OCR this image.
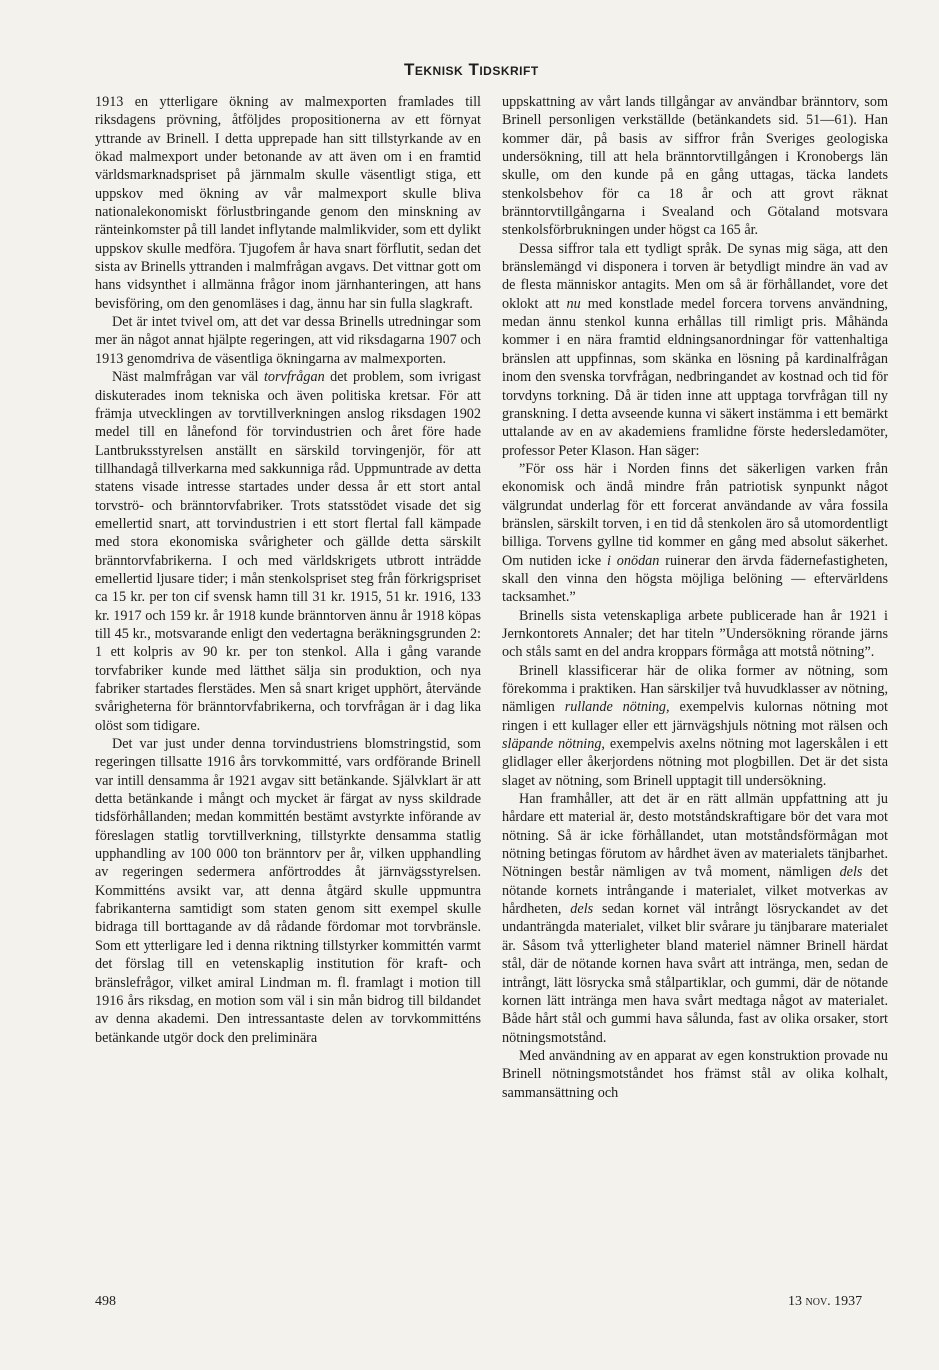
Teknisk Tidskrift

1913 en ytterligare ökning av malmexporten framlades till riksdagens prövning, åtföljdes propositionerna av ett förnyat yttrande av Brinell. I detta upprepade han sitt tillstyrkande av en ökad malmexport under betonande av att även om i en framtid världsmarknadspriset på järnmalm skulle väsentligt stiga, ett uppskov med ökning av vår malmexport skulle bliva nationalekonomiskt förlustbringande genom den minskning av ränteinkomster på till landet inflytande malmlikvider, som ett dylikt uppskov skulle medföra. Tjugofem år hava snart förflutit, sedan det sista av Brinells yttranden i malmfrågan avgavs. Det vittnar gott om hans vidsynthet i allmänna frågor inom järnhanteringen, att hans bevisföring, om den genomläses i dag, ännu har sin fulla slagkraft.

Det är intet tvivel om, att det var dessa Brinells utredningar som mer än något annat hjälpte regeringen, att vid riksdagarna 1907 och 1913 genomdriva de väsentliga ökningarna av malmexporten.

Näst malmfrågan var väl torvfrågan det problem, som ivrigast diskuterades inom tekniska och även politiska kretsar. För att främja utvecklingen av torvtillverkningen anslog riksdagen 1902 medel till en lånefond för torvindustrien och året före hade Lantbruksstyrelsen anställt en särskild torvingenjör, för att tillhandagå tillverkarna med sakkunniga råd. Uppmuntrade av detta statens visade intresse startades under dessa år ett stort antal torvströ- och bränntorvfabriker. Trots statsstödet visade det sig emellertid snart, att torvindustrien i ett stort flertal fall kämpade med stora ekonomiska svårigheter och gällde detta särskilt bränntorvfabrikerna. I och med världskrigets utbrott inträdde emellertid ljusare tider; i mån stenkolspriset steg från förkrigspriset ca 15 kr. per ton cif svensk hamn till 31 kr. 1915, 51 kr. 1916, 133 kr. 1917 och 159 kr. år 1918 kunde bränntorven ännu år 1918 köpas till 45 kr., motsvarande enligt den vedertagna beräkningsgrunden 2: 1 ett kolpris av 90 kr. per ton stenkol. Alla i gång varande torvfabriker kunde med lätthet sälja sin produktion, och nya fabriker startades flerstädes. Men så snart kriget upphört, återvände svårigheterna för bränntorvfabrikerna, och torvfrågan är i dag lika olöst som tidigare.

Det var just under denna torvindustriens blomstringstid, som regeringen tillsatte 1916 års torvkommitté, vars ordförande Brinell var intill densamma år 1921 avgav sitt betänkande. Självklart är att detta betänkande i mångt och mycket är färgat av nyss skildrade tidsförhållanden; medan kommittén bestämt avstyrkte införande av föreslagen statlig torvtillverkning, tillstyrkte densamma statlig upphandling av 100 000 ton bränntorv per år, vilken upphandling av regeringen sedermera anförtroddes åt järnvägsstyrelsen. Kommitténs avsikt var, att denna åtgärd skulle uppmuntra fabrikanterna samtidigt som staten genom sitt exempel skulle bidraga till borttagande av då rådande fördomar mot torvbränsle. Som ett ytterligare led i denna riktning tillstyrker kommittén varmt det förslag till en vetenskaplig institution för kraft- och bränslefrågor, vilket amiral Lindman m. fl. framlagt i motion till 1916 års riksdag, en motion som väl i sin mån bidrog till bildandet av denna akademi. Den intressantaste delen av torvkommitténs betänkande utgör dock den preliminära

uppskattning av vårt lands tillgångar av användbar bränntorv, som Brinell personligen verkställde (betänkandets sid. 51—61). Han kommer där, på basis av siffror från Sveriges geologiska undersökning, till att hela bränntorvtillgången i Kronobergs län skulle, om den kunde på en gång uttagas, täcka landets stenkolsbehov för ca 18 år och att grovt räknat bränntorvtillgångarna i Svealand och Götaland motsvara stenkolsförbrukningen under högst ca 165 år.

Dessa siffror tala ett tydligt språk. De synas mig säga, att den bränslemängd vi disponera i torven är betydligt mindre än vad av de flesta människor antagits. Men om så är förhållandet, vore det oklokt att nu med konstlade medel forcera torvens användning, medan ännu stenkol kunna erhållas till rimligt pris. Måhända kommer i en nära framtid eldningsanordningar för vattenhaltiga bränslen att uppfinnas, som skänka en lösning på kardinalfrågan inom den svenska torvfrågan, nedbringandet av kostnad och tid för torvdyns torkning. Då är tiden inne att upptaga torvfrågan till ny granskning. I detta avseende kunna vi säkert instämma i ett bemärkt uttalande av en av akademiens framlidne förste hedersledamöter, professor Peter Klason. Han säger:

”För oss här i Norden finns det säkerligen varken från ekonomisk och ändå mindre från patriotisk synpunkt något välgrundat underlag för ett forcerat användande av våra fossila bränslen, särskilt torven, i en tid då stenkolen äro så utomordentligt billiga. Torvens gyllne tid kommer en gång med absolut säkerhet. Om nutiden icke i onödan ruinerar den ärvda fädernefastigheten, skall den vinna den högsta möjliga belöning — eftervärldens tacksamhet.”

Brinells sista vetenskapliga arbete publicerade han år 1921 i Jernkontorets Annaler; det har titeln ”Undersökning rörande järns och ståls samt en del andra kroppars förmåga att motstå nötning”.

Brinell klassificerar här de olika former av nötning, som förekomma i praktiken. Han särskiljer två huvudklasser av nötning, nämligen rullande nötning, exempelvis kulornas nötning mot ringen i ett kullager eller ett järnvägshjuls nötning mot rälsen och släpande nötning, exempelvis axelns nötning mot lagerskålen i ett glidlager eller åkerjordens nötning mot plogbillen. Det är det sista slaget av nötning, som Brinell upptagit till undersökning.

Han framhåller, att det är en rätt allmän uppfattning att ju hårdare ett material är, desto motståndskraftigare bör det vara mot nötning. Så är icke förhållandet, utan motståndsförmågan mot nötning betingas förutom av hårdhet även av materialets tänjbarhet. Nötningen består nämligen av två moment, nämligen dels det nötande kornets intrångande i materialet, vilket motverkas av hårdheten, dels sedan kornet väl intrångt lösryckandet av det undanträngda materialet, vilket blir svårare ju tänjbarare materialet är. Såsom två ytterligheter bland materiel nämner Brinell härdat stål, där de nötande kornen hava svårt att intränga, men, sedan de intrångt, lätt lösrycka små stålpartiklar, och gummi, där de nötande kornen lätt intränga men hava svårt medtaga något av materialet. Både hårt stål och gummi hava sålunda, fast av olika orsaker, stort nötningsmotstånd.

Med användning av en apparat av egen konstruktion provade nu Brinell nötningsmotståndet hos främst stål av olika kolhalt, sammansättning och

498	13 nov. 1937
